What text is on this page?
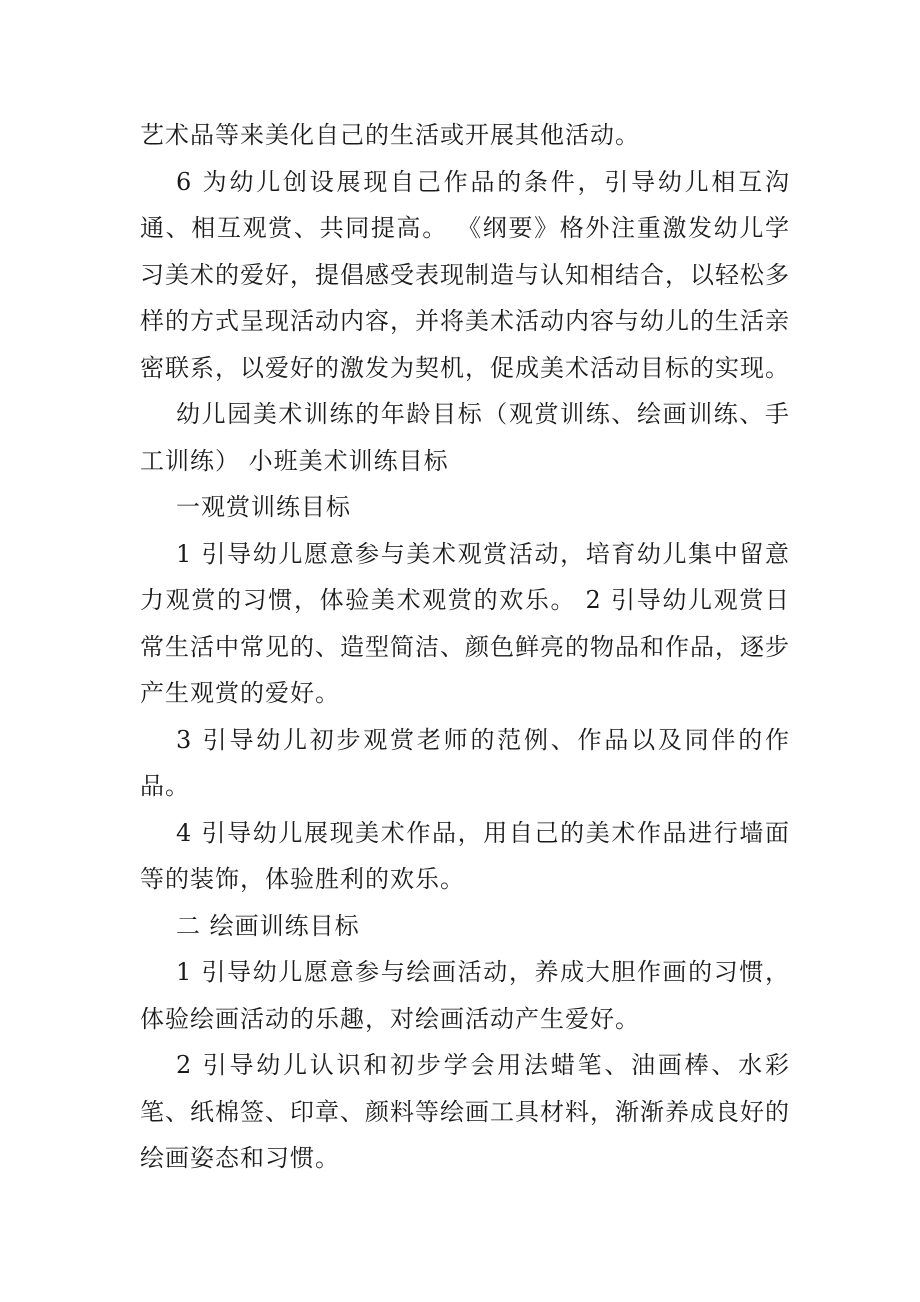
艺术品等来美化自己的生活或开展其他活动。

6 为幼儿创设展现自己作品的条件，引导幼儿相互沟通、相互观赏、共同提高。 《纲要》格外注重激发幼儿学习美术的爱好，提倡感受表现制造与认知相结合，以轻松多样的方式呈现活动内容，并将美术活动内容与幼儿的生活亲密联系，以爱好的激发为契机，促成美术活动目标的实现。

幼儿园美术训练的年龄目标（观赏训练、绘画训练、手工训练） 小班美术训练目标

一观赏训练目标

1 引导幼儿愿意参与美术观赏活动，培育幼儿集中留意力观赏的习惯，体验美术观赏的欢乐。 2 引导幼儿观赏日常生活中常见的、造型简洁、颜色鲜亮的物品和作品，逐步产生观赏的爱好。

3 引导幼儿初步观赏老师的范例、作品以及同伴的作品。

4 引导幼儿展现美术作品，用自己的美术作品进行墙面等的装饰，体验胜利的欢乐。

二 绘画训练目标

1 引导幼儿愿意参与绘画活动，养成大胆作画的习惯，体验绘画活动的乐趣，对绘画活动产生爱好。

2 引导幼儿认识和初步学会用法蜡笔、油画棒、水彩笔、纸棉签、印章、颜料等绘画工具材料，渐渐养成良好的绘画姿态和习惯。
